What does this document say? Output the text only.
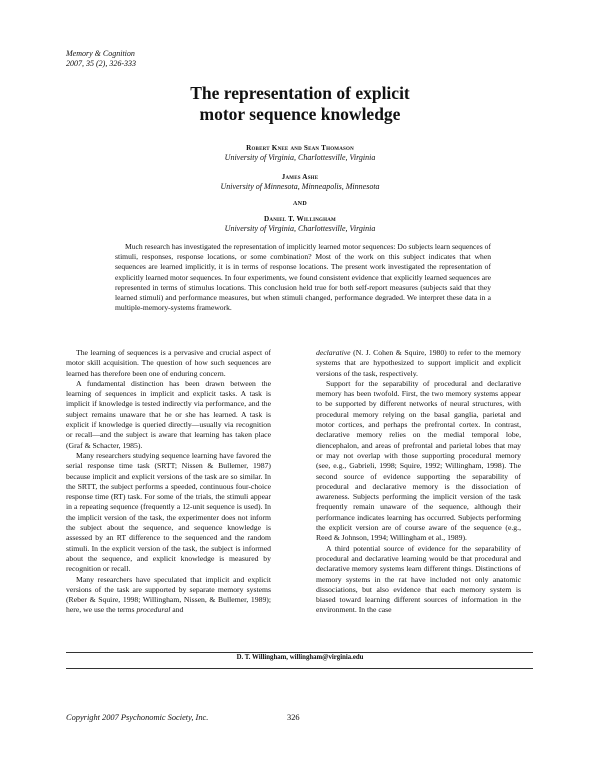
Memory & Cognition
2007, 35 (2), 326-333
The representation of explicit
motor sequence knowledge
Robert Knee and Sean Thomason
University of Virginia, Charlottesville, Virginia
James Ashe
University of Minnesota, Minneapolis, Minnesota
AND
Daniel T. Willingham
University of Virginia, Charlottesville, Virginia
Much research has investigated the representation of implicitly learned motor sequences: Do subjects learn sequences of stimuli, responses, response locations, or some combination? Most of the work on this subject indicates that when sequences are learned implicitly, it is in terms of response locations. The present work investigated the representation of explicitly learned motor sequences. In four experiments, we found consistent evidence that explicitly learned sequences are represented in terms of stimulus locations. This conclusion held true for both self-report measures (subjects said that they learned stimuli) and performance measures, but when stimuli changed, performance degraded. We interpret these data in a multiple-memory-systems framework.

The learning of sequences is a pervasive and crucial aspect of motor skill acquisition. The question of how such sequences are learned has therefore been one of enduring concern.

A fundamental distinction has been drawn between the learning of sequences in implicit and explicit tasks. A task is implicit if knowledge is tested indirectly via performance, and the subject remains unaware that he or she has learned. A task is explicit if knowledge is queried directly—usually via recognition or recall—and the subject is aware that learning has taken place (Graf & Schacter, 1985).

Many researchers studying sequence learning have favored the serial response time task (SRTT; Nissen & Bullemer, 1987) because implicit and explicit versions of the task are so similar. In the SRTT, the subject performs a speeded, continuous four-choice response time (RT) task. For some of the trials, the stimuli appear in a repeating sequence (frequently a 12-unit sequence is used). In the implicit version of the task, the experimenter does not inform the subject about the sequence, and sequence knowledge is assessed by an RT difference to the sequenced and the random stimuli. In the explicit version of the task, the subject is informed about the sequence, and explicit knowledge is measured by recognition or recall.

Many researchers have speculated that implicit and explicit versions of the task are supported by separate memory systems (Reber & Squire, 1998; Willingham, Nissen, & Bullemer, 1989); here, we use the terms procedural and

declarative (N. J. Cohen & Squire, 1980) to refer to the memory systems that are hypothesized to support implicit and explicit versions of the task, respectively.

Support for the separability of procedural and declarative memory has been twofold. First, the two memory systems appear to be supported by different networks of neural structures, with procedural memory relying on the basal ganglia, parietal and motor cortices, and perhaps the prefrontal cortex. In contrast, declarative memory relies on the medial temporal lobe, diencephalon, and areas of prefrontal and parietal lobes that may or may not overlap with those supporting procedural memory (see, e.g., Gabrieli, 1998; Squire, 1992; Willingham, 1998). The second source of evidence supporting the separability of procedural and declarative memory is the dissociation of awareness. Subjects performing the implicit version of the task frequently remain unaware of the sequence, although their performance indicates learning has occurred. Subjects performing the explicit version are of course aware of the sequence (e.g., Reed & Johnson, 1994; Willingham et al., 1989).

A third potential source of evidence for the separability of procedural and declarative learning would be that procedural and declarative memory systems learn different things. Distinctions of memory systems in the rat have included not only anatomic dissociations, but also evidence that each memory system is biased toward learning different sources of information in the environment. In the case

D. T. Willingham, willingham@virginia.edu
Copyright 2007 Psychonomic Society, Inc.	326
